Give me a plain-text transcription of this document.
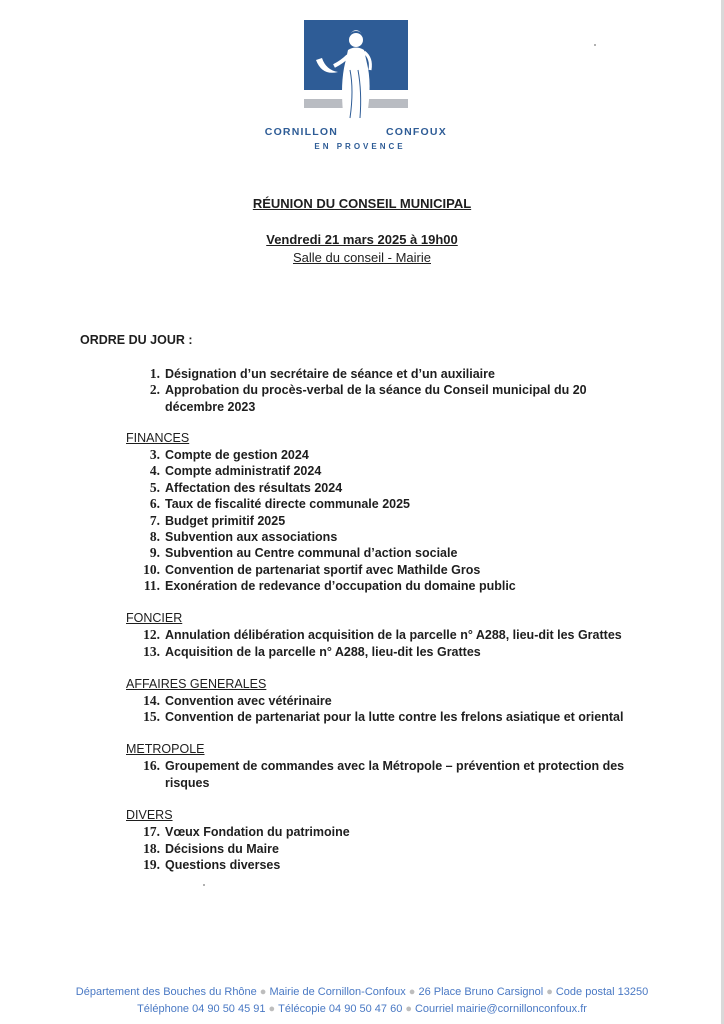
CORNILLON	CONFOUX
EN PROVENCE
RÉUNION DU CONSEIL MUNICIPAL
Vendredi 21 mars 2025 à 19h00
Salle du conseil - Mairie
ORDRE DU JOUR :
1. Désignation d’un secrétaire de séance et d’un auxiliaire
2. Approbation du procès-verbal de la séance du Conseil municipal du 20 décembre 2023
FINANCES
3. Compte de gestion 2024
4. Compte administratif 2024
5. Affectation des résultats 2024
6. Taux de fiscalité directe communale 2025
7. Budget primitif 2025
8. Subvention aux associations
9. Subvention au Centre communal d’action sociale
10. Convention de partenariat sportif avec Mathilde Gros
11. Exonération de redevance d’occupation du domaine public
FONCIER
12. Annulation délibération acquisition de la parcelle n° A288, lieu-dit les Grattes
13. Acquisition de la parcelle n° A288, lieu-dit les Grattes
AFFAIRES GENERALES
14. Convention avec vétérinaire
15. Convention de partenariat pour la lutte contre les frelons asiatique et oriental
METROPOLE
16. Groupement de commandes avec la Métropole – prévention et protection des risques
DIVERS
17. Vœux Fondation du patrimoine
18. Décisions du Maire
19. Questions diverses
Département des Bouches du Rhône ● Mairie de Cornillon-Confoux ● 26 Place Bruno Carsignol ● Code postal 13250
Téléphone 04 90 50 45 91 ● Télécopie 04 90 50 47 60 ● Courriel mairie@cornillonconfoux.fr
